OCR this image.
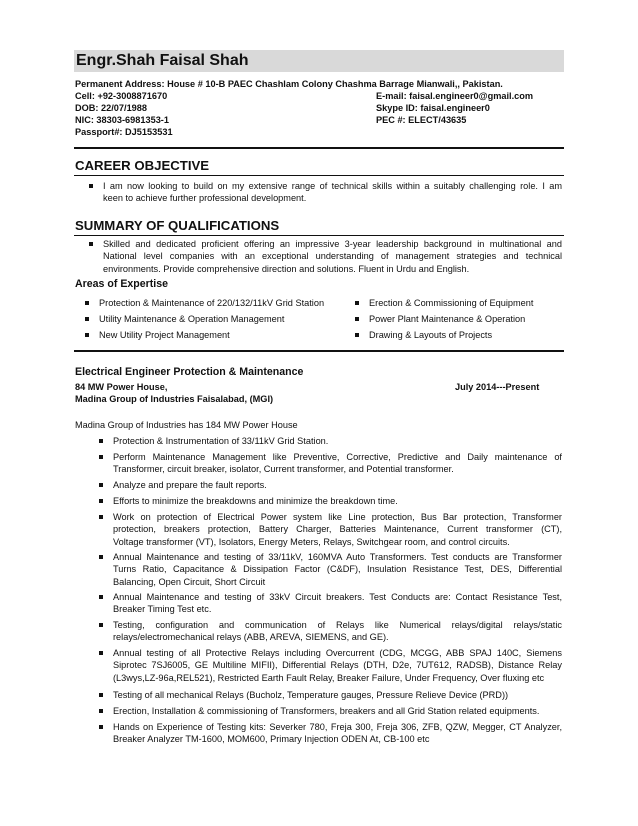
Engr.Shah Faisal Shah
Permanent Address: House # 10-B PAEC Chashlam Colony Chashma Barrage Mianwali,, Pakistan.
Cell: +92-3008871670	E-mail: faisal.engineer0@gmail.com
DOB: 22/07/1988	Skype ID: faisal.engineer0
NIC: 38303-6981353-1	PEC #: ELECT/43635
Passport#: DJ5153531
CAREER OBJECTIVE
I am now looking to build on my extensive range of technical skills within a suitably challenging role. I am
keen to achieve further professional development.
SUMMARY OF QUALIFICATIONS
Skilled and dedicated proficient offering an impressive 3-year leadership background in multinational and
National level companies with an exceptional understanding of management strategies and technical
environments. Provide comprehensive direction and solutions. Fluent in Urdu and English.
Areas of Expertise
Protection & Maintenance of 220/132/11kV Grid Station
Utility Maintenance & Operation Management
New Utility Project Management
Erection & Commissioning of Equipment
Power Plant Maintenance & Operation
Drawing & Layouts of Projects
Electrical Engineer Protection & Maintenance
84 MW Power House,	July 2014---Present
Madina Group of Industries Faisalabad, (MGI)
Madina Group of Industries has 184 MW Power House
Protection & Instrumentation of 33/11kV Grid Station.
Perform Maintenance Management like Preventive, Corrective, Predictive and Daily maintenance of
Transformer, circuit breaker, isolator, Current transformer, and Potential transformer.
Analyze and prepare the fault reports.
Efforts to minimize the breakdowns and minimize the breakdown time.
Work on protection of Electrical Power system like Line protection, Bus Bar protection, Transformer
protection, breakers protection, Battery Charger, Batteries Maintenance, Current transformer (CT),
Voltage transformer (VT), Isolators, Energy Meters, Relays, Switchgear room, and control circuits.
Annual Maintenance and testing of 33/11kV, 160MVA Auto Transformers. Test conducts are Transformer
Turns Ratio, Capacitance & Dissipation Factor (C&DF), Insulation Resistance Test, DES, Differential
Balancing, Open Circuit, Short Circuit
Annual Maintenance and testing of 33kV Circuit breakers. Test Conducts are: Contact Resistance Test,
Breaker Timing Test etc.
Testing, configuration and communication of Relays like Numerical relays/digital relays/static
relays/electromechanical relays (ABB, AREVA, SIEMENS, and GE).
Annual testing of all Protective Relays including Overcurrent (CDG, MCGG, ABB SPAJ 140C, Siemens
Siprotec 7SJ6005, GE Multiline MIFII), Differential Relays (DTH, D2e, 7UT612, RADSB), Distance Relay
(L3wys,LZ-96a,REL521), Restricted Earth Fault Relay, Breaker Failure, Under Frequency, Over fluxing etc
Testing of all mechanical Relays (Bucholz, Temperature gauges, Pressure Relieve Device (PRD))
Erection, Installation & commissioning of Transformers, breakers and all Grid Station related equipments.
Hands on Experience of Testing kits: Severker 780, Freja 300, Freja 306, ZFB, QZW, Megger, CT Analyzer,
Breaker Analyzer TM-1600, MOM600, Primary Injection ODEN At, CB-100 etc
